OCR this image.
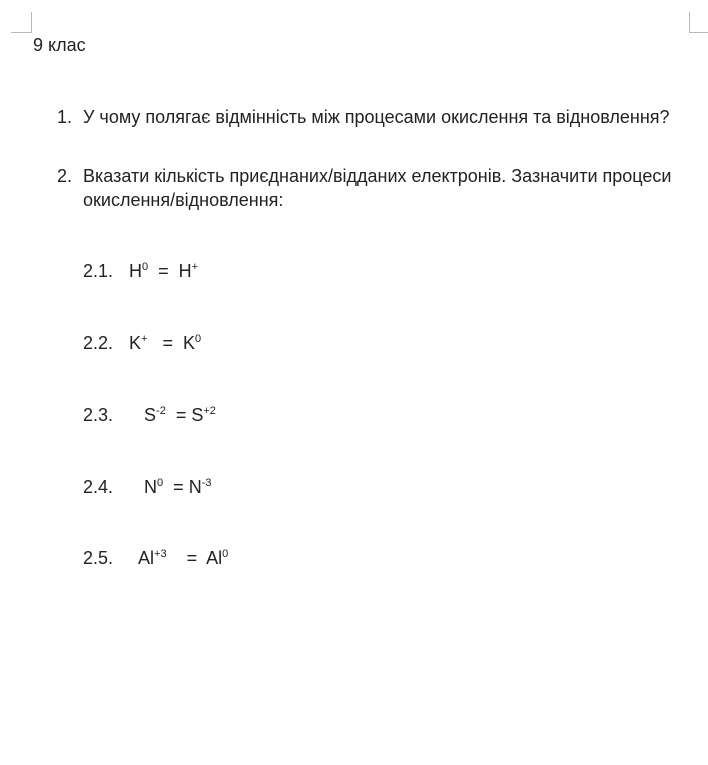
9 клас
1. У чому полягає відмінність між процесами окислення та відновлення?
2. Вказати кількість приєднаних/відданих електронів. Зазначити процеси окислення/відновлення:
2.1. $H^0 = H^+$
2.2. $K^+ = K^0$
2.3. $S^{-2} = S^{+2}$
2.4. $N^0 = N^{-3}$
2.5. $Al^{+3} = Al^0$
